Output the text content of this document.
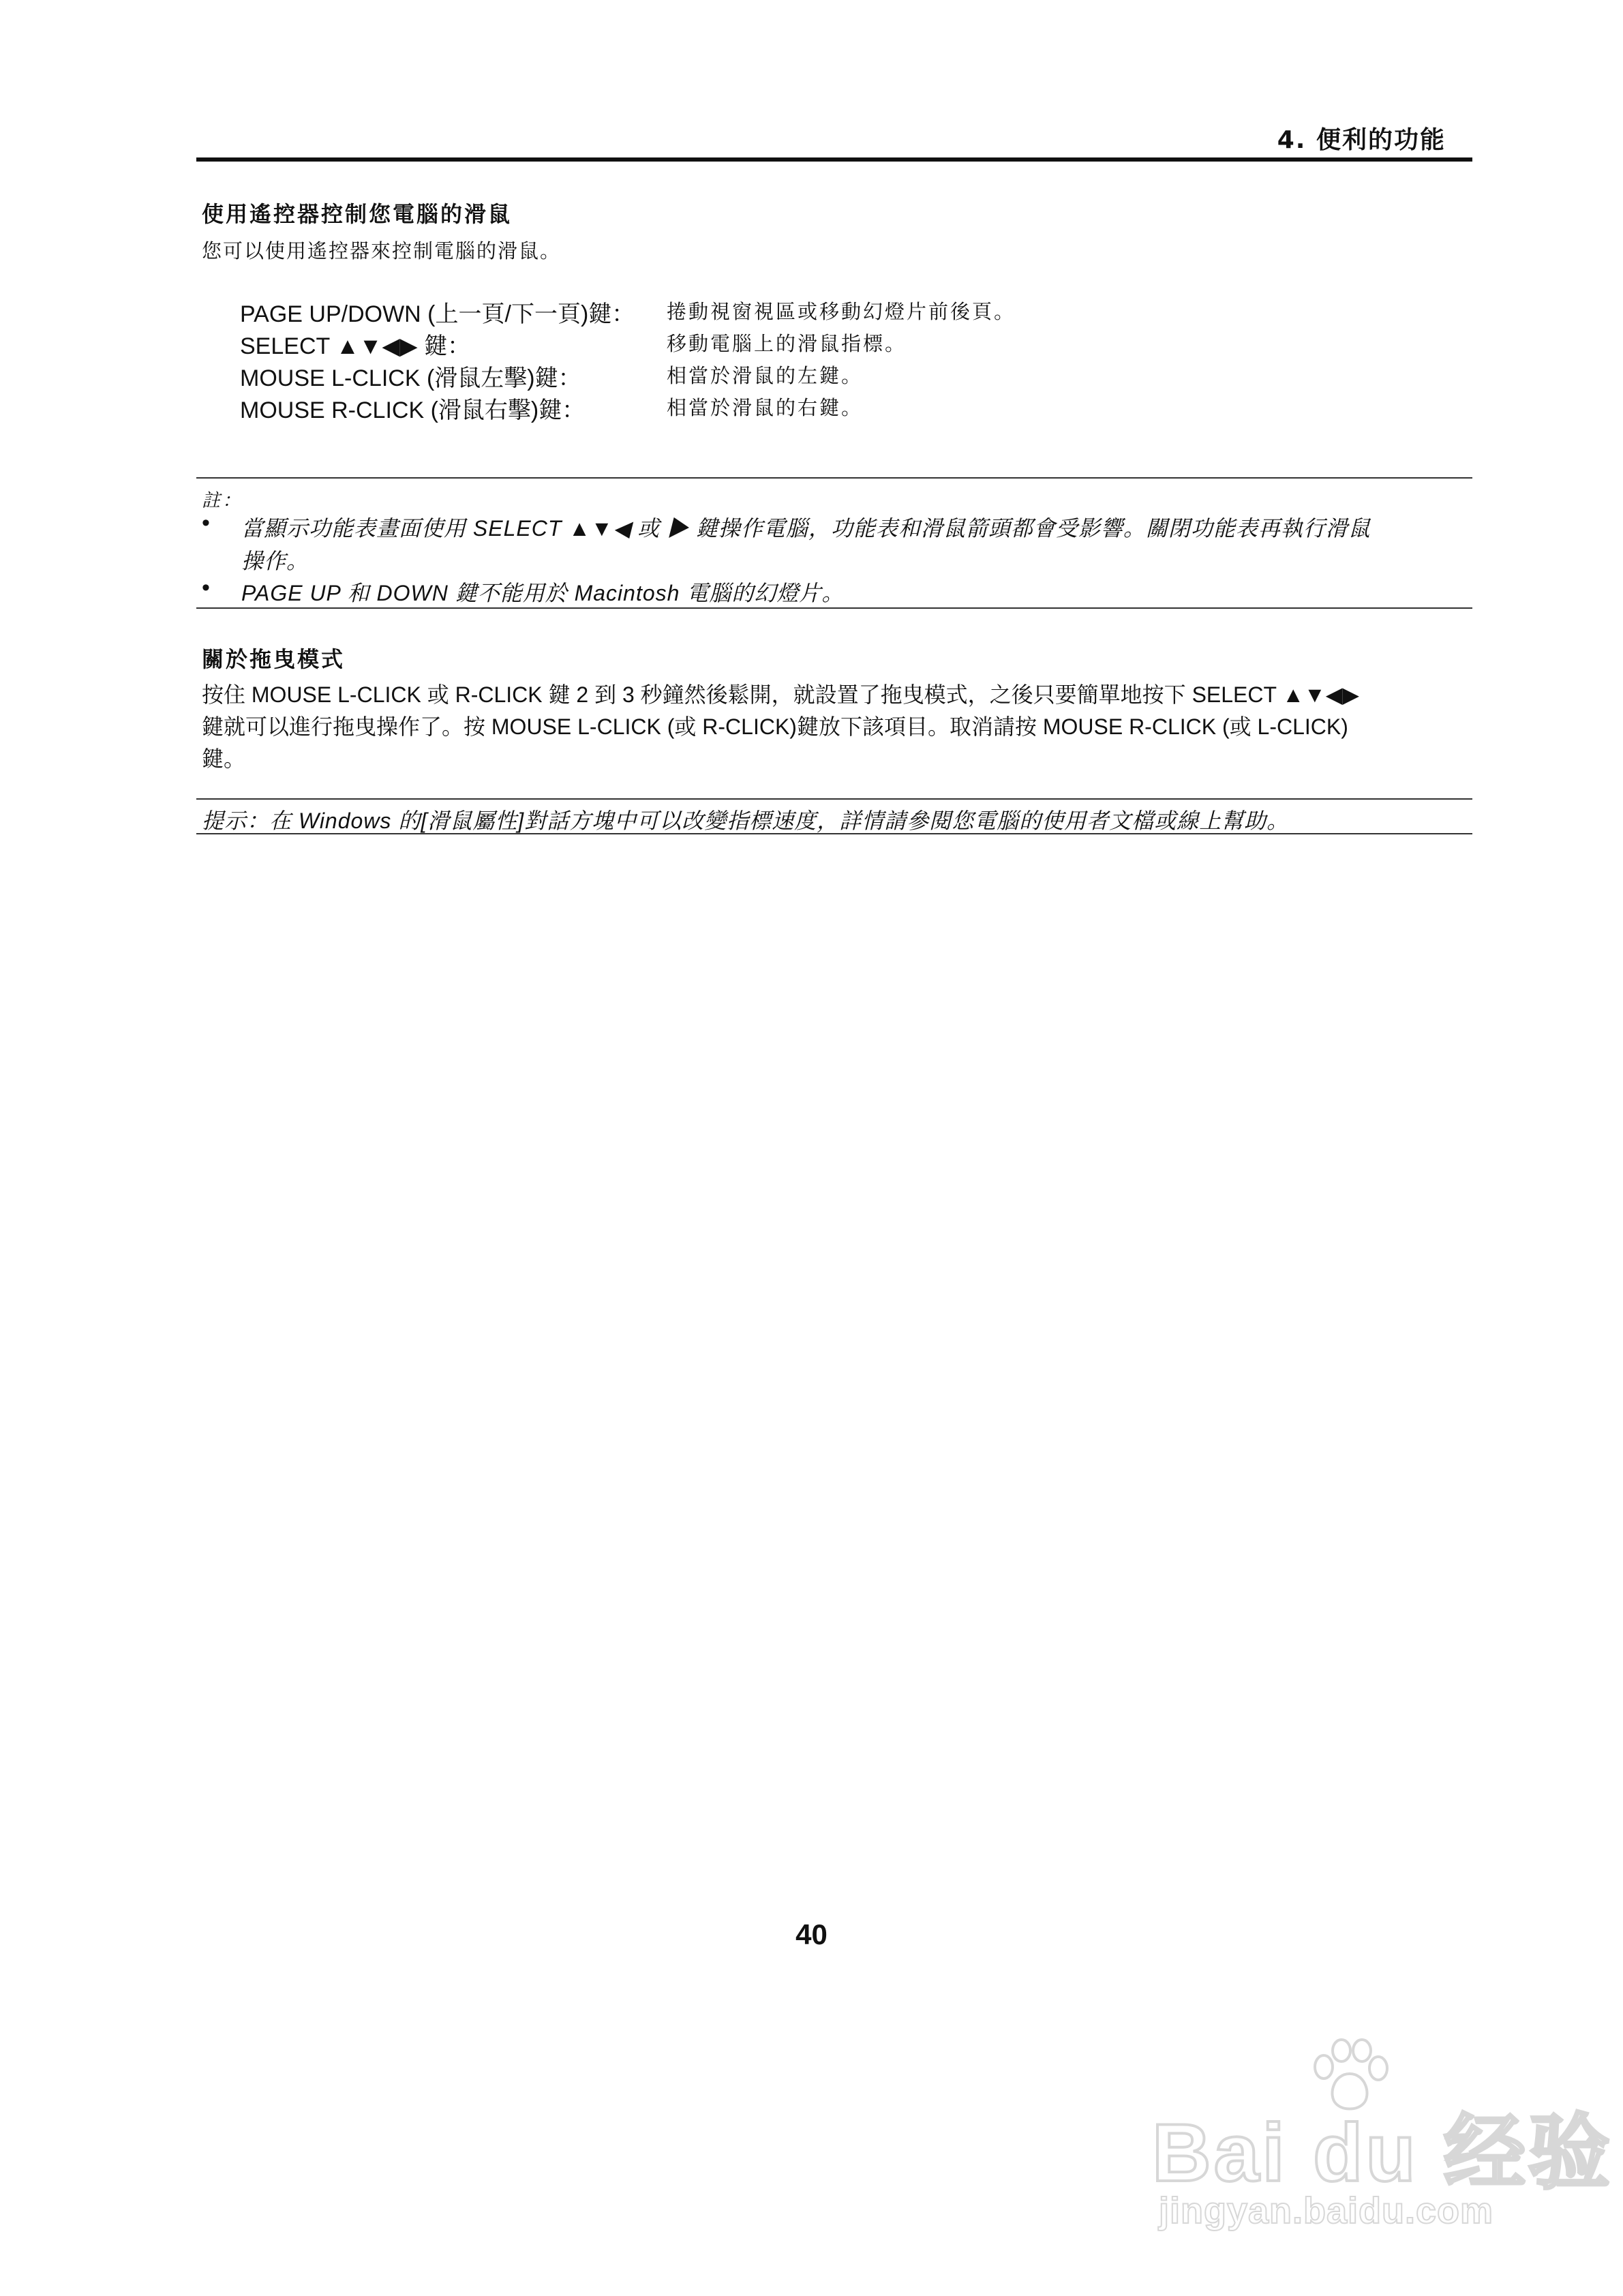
4. 便利的功能
使用遙控器控制您電腦的滑鼠
您可以使用遙控器來控制電腦的滑鼠。
PAGE UP/DOWN (上一頁/下一頁)鍵： 捲動視窗視區或移動幻燈片前後頁。
SELECT ▲▼◀▶ 鍵：	移動電腦上的滑鼠指標。
MOUSE L-CLICK (滑鼠左擊)鍵：	相當於滑鼠的左鍵。
MOUSE R-CLICK (滑鼠右擊)鍵：	相當於滑鼠的右鍵。
註：
• 當顯示功能表畫面使用 SELECT ▲▼◀ 或 ▶ 鍵操作電腦，功能表和滑鼠箭頭都會受影響。關閉功能表再執行滑鼠
操作。
• PAGE UP 和 DOWN 鍵不能用於 Macintosh 電腦的幻燈片。
關於拖曳模式
按住 MOUSE L-CLICK 或 R-CLICK 鍵 2 到 3 秒鐘然後鬆開，就設置了拖曳模式，之後只要簡單地按下 SELECT ▲▼◀▶
鍵就可以進行拖曳操作了。按 MOUSE L-CLICK (或 R-CLICK)鍵放下該項目。取消請按 MOUSE R-CLICK (或 L-CLICK)
鍵。
提示：在 Windows 的[滑鼠屬性]對話方塊中可以改變指標速度，詳情請參閱您電腦的使用者文檔或線上幫助。
40
Bai du 经验
jingyan.baidu.com
